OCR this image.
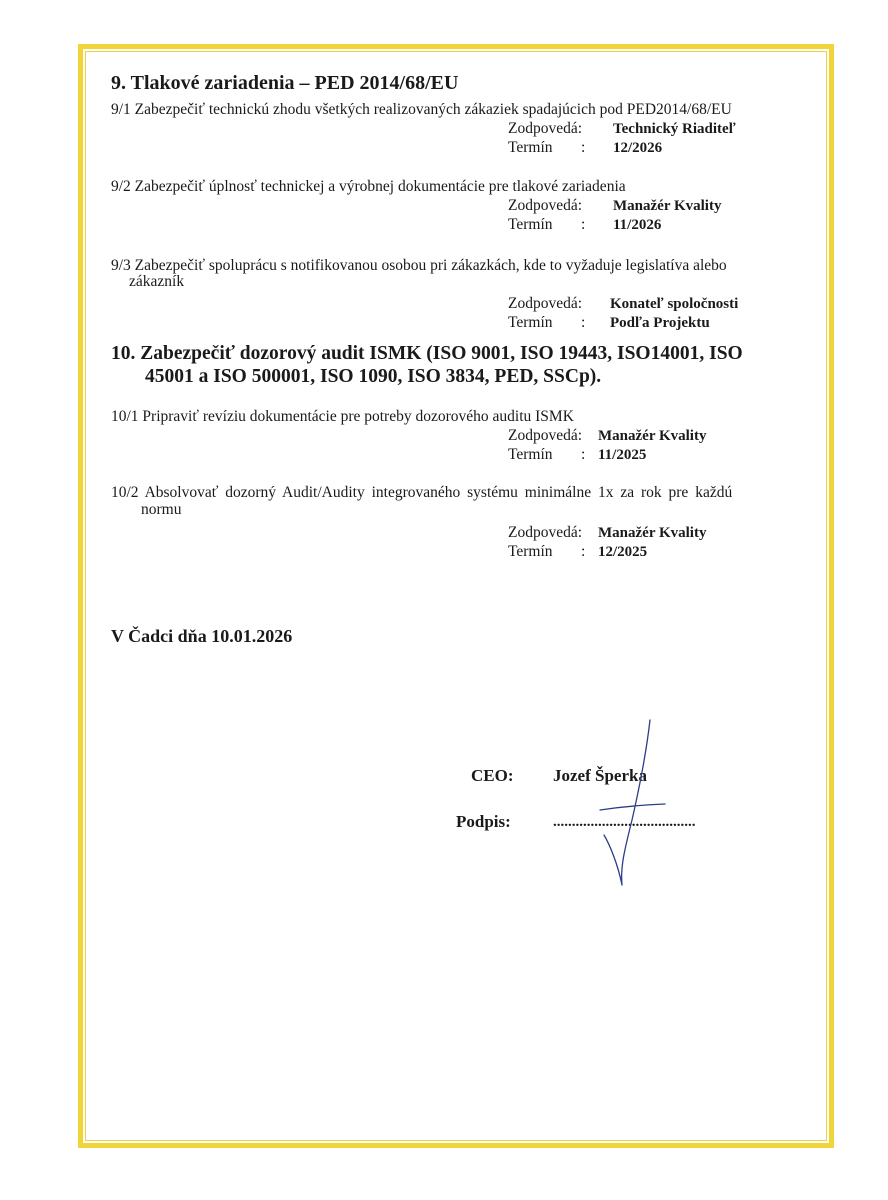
9. Tlakové zariadenia – PED 2014/68/EU
9/1 Zabezpečiť technickú zhodu všetkých realizovaných zákaziek spadajúcich pod PED2014/68/EU
Zodpovedá: Technický Riaditeľ
Termín : 12/2026
9/2 Zabezpečiť úplnosť technickej a výrobnej dokumentácie pre tlakové zariadenia
Zodpovedá: Manažér Kvality
Termín : 11/2026
9/3 Zabezpečiť spoluprácu s notifikovanou osobou pri zákazkách, kde to vyžaduje legislatíva alebo
zákazník
Zodpovedá: Konateľ spoločnosti
Termín : Podľa Projektu
10. Zabezpečiť dozorový audit ISMK (ISO 9001, ISO 19443, ISO14001, ISO
45001 a ISO 500001, ISO 1090, ISO 3834, PED, SSCp).
10/1 Pripraviť revíziu dokumentácie pre potreby dozorového auditu ISMK
Zodpovedá: Manažér Kvality
Termín : 11/2025
10/2 Absolvovať dozorný Audit/Audity integrovaného systému minimálne 1x za rok pre každú
normu
Zodpovedá: Manažér Kvality
Termín : 12/2025
V Čadci dňa 10.01.2026
CEO: Jozef Šperka
Podpis:	......................................
